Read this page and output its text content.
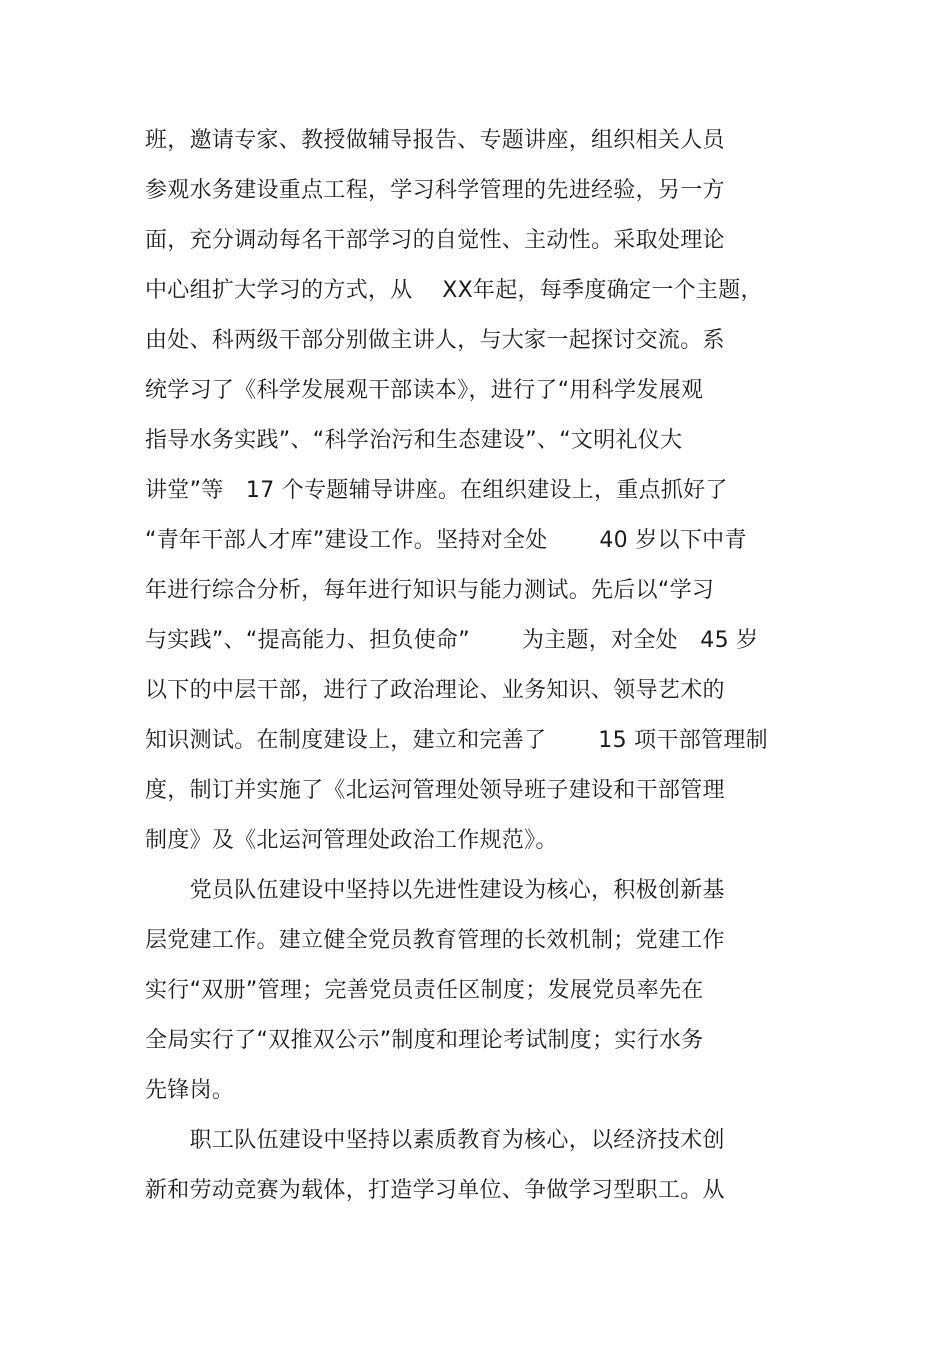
班，邀请专家、教授做辅导报告、专题讲座，组织相关人员

参观水务建设重点工程，学习科学管理的先进经验，另一方

面，充分调动每名干部学习的自觉性、主动性。采取处理论

中心组扩大学习的方式，从　 XX年起，每季度确定一个主题，

由处、科两级干部分别做主讲人，与大家一起探讨交流。系

统学习了《科学发展观干部读本》，进行了“用科学发展观

指导水务实践”、“科学治污和生态建设”、“文明礼仪大

讲堂”等　17 个专题辅导讲座。在组织建设上，重点抓好了

“青年干部人才库”建设工作。坚持对全处　　 40 岁以下中青

年进行综合分析，每年进行知识与能力测试。先后以“学习

与实践”、“提高能力、担负使命”　　 为主题，对全处　45 岁

以下的中层干部，进行了政治理论、业务知识、领导艺术的

知识测试。在制度建设上，建立和完善了　　 15 项干部管理制

度，制订并实施了《北运河管理处领导班子建设和干部管理

制度》及《北运河管理处政治工作规范》。

　　党员队伍建设中坚持以先进性建设为核心，积极创新基

层党建工作。建立健全党员教育管理的长效机制；党建工作

实行“双册”管理；完善党员责任区制度；发展党员率先在

全局实行了“双推双公示”制度和理论考试制度；实行水务

先锋岗。

　　职工队伍建设中坚持以素质教育为核心，以经济技术创

新和劳动竞赛为载体，打造学习单位、争做学习型职工。从
